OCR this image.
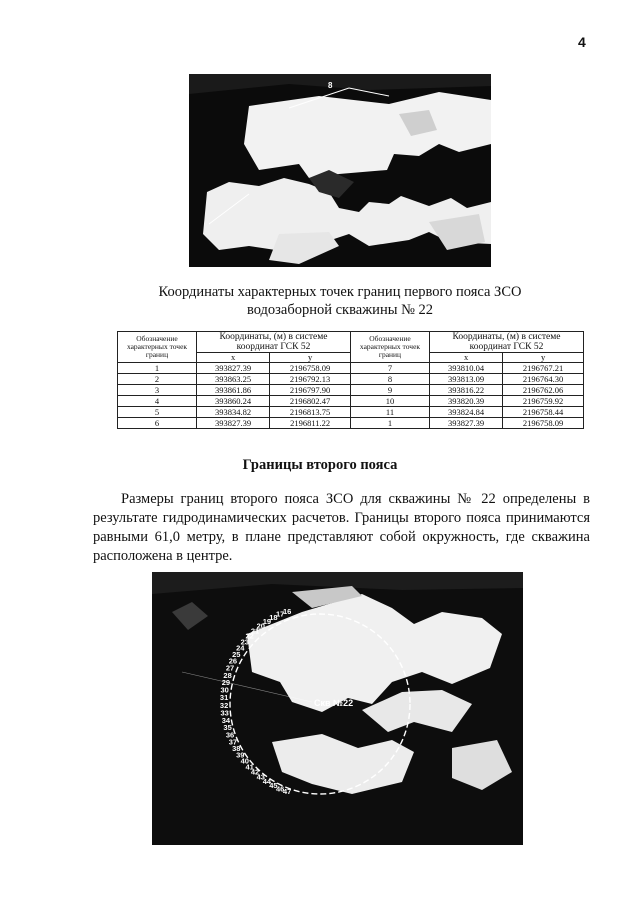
4
8
Координаты характерных точек границ первого пояса ЗСО
водозаборной скважины № 22
Обозначение характерных точек границ	Координаты, (м) в системе координат ГСК 52		Обозначение характерных точек границ	Координаты, (м) в системе координат ГСК 52	
	х	у		х	у
1	393827.39	2196758.09	7	393810.04	2196767.21
2	393863.25	2196792.13	8	393813.09	2196764.30
3	393861.86	2196797.90	9	393816.22	2196762.06
4	393860.24	2196802.47	10	393820.39	2196759.92
5	393834.82	2196813.75	11	393824.84	2196758.44
6	393827.39	2196811.22	1	393827.39	2196758.09
Границы второго пояса
Размеры границ второго пояса ЗСО для скважины № 22 определены в результате гидродинамических расчетов. Границы второго пояса принимаются равными 61,0 метру, в плане представляют собой окружность, где скважина расположена в центре.
16
17
18
19
20
21
22
23
24
25
26
27
28
29
30
31
32
33
34
35
36
37
38
39
40
41
42
43
44
45
46
47
Скв №22
